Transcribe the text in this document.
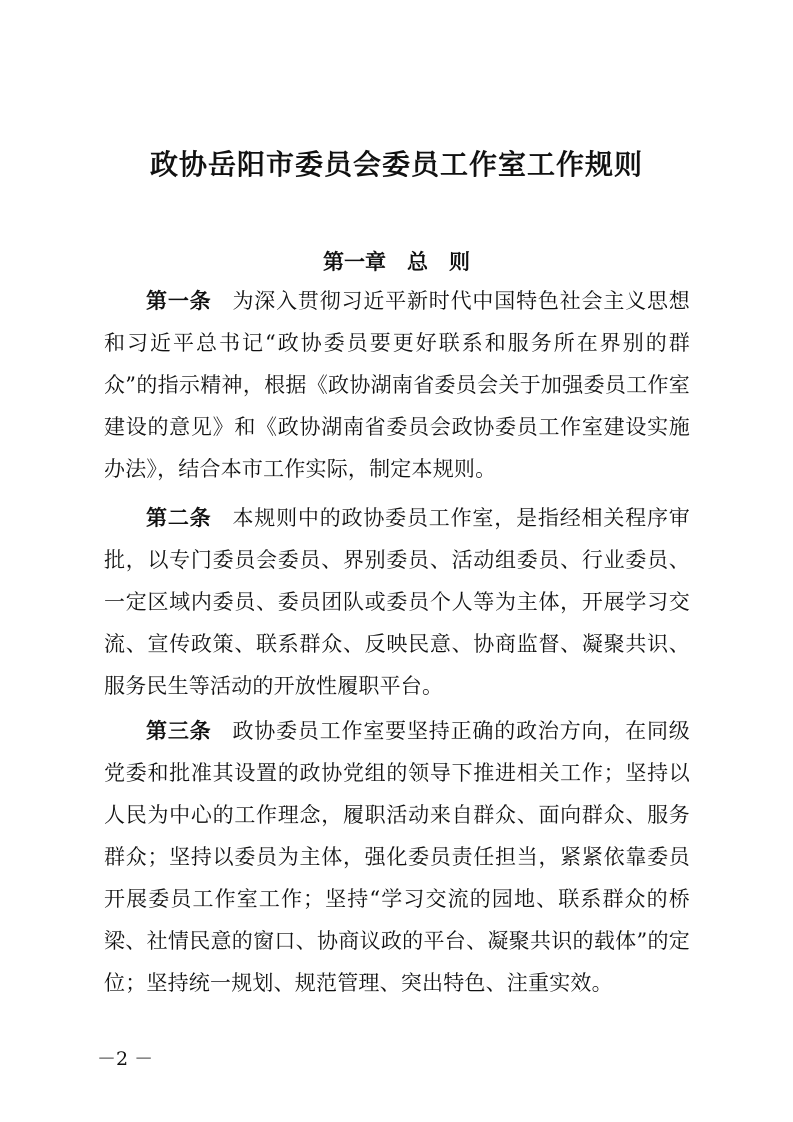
政协岳阳市委员会委员工作室工作规则
第一章　总　则

第一条 为深入贯彻习近平新时代中国特色社会主义思想和习近平总书记“政协委员要更好联系和服务所在界别的群众”的指示精神，根据《政协湖南省委员会关于加强委员工作室建设的意见》和《政协湖南省委员会政协委员工作室建设实施办法》，结合本市工作实际，制定本规则。

第二条 本规则中的政协委员工作室，是指经相关程序审批，以专门委员会委员、界别委员、活动组委员、行业委员、一定区域内委员、委员团队或委员个人等为主体，开展学习交流、宣传政策、联系群众、反映民意、协商监督、凝聚共识、服务民生等活动的开放性履职平台。

第三条 政协委员工作室要坚持正确的政治方向，在同级党委和批准其设置的政协党组的领导下推进相关工作；坚持以人民为中心的工作理念，履职活动来自群众、面向群众、服务群众；坚持以委员为主体，强化委员责任担当，紧紧依靠委员开展委员工作室工作；坚持“学习交流的园地、联系群众的桥梁、社情民意的窗口、协商议政的平台、凝聚共识的载体”的定位；坚持统一规划、规范管理、突出特色、注重实效。

－2 －
